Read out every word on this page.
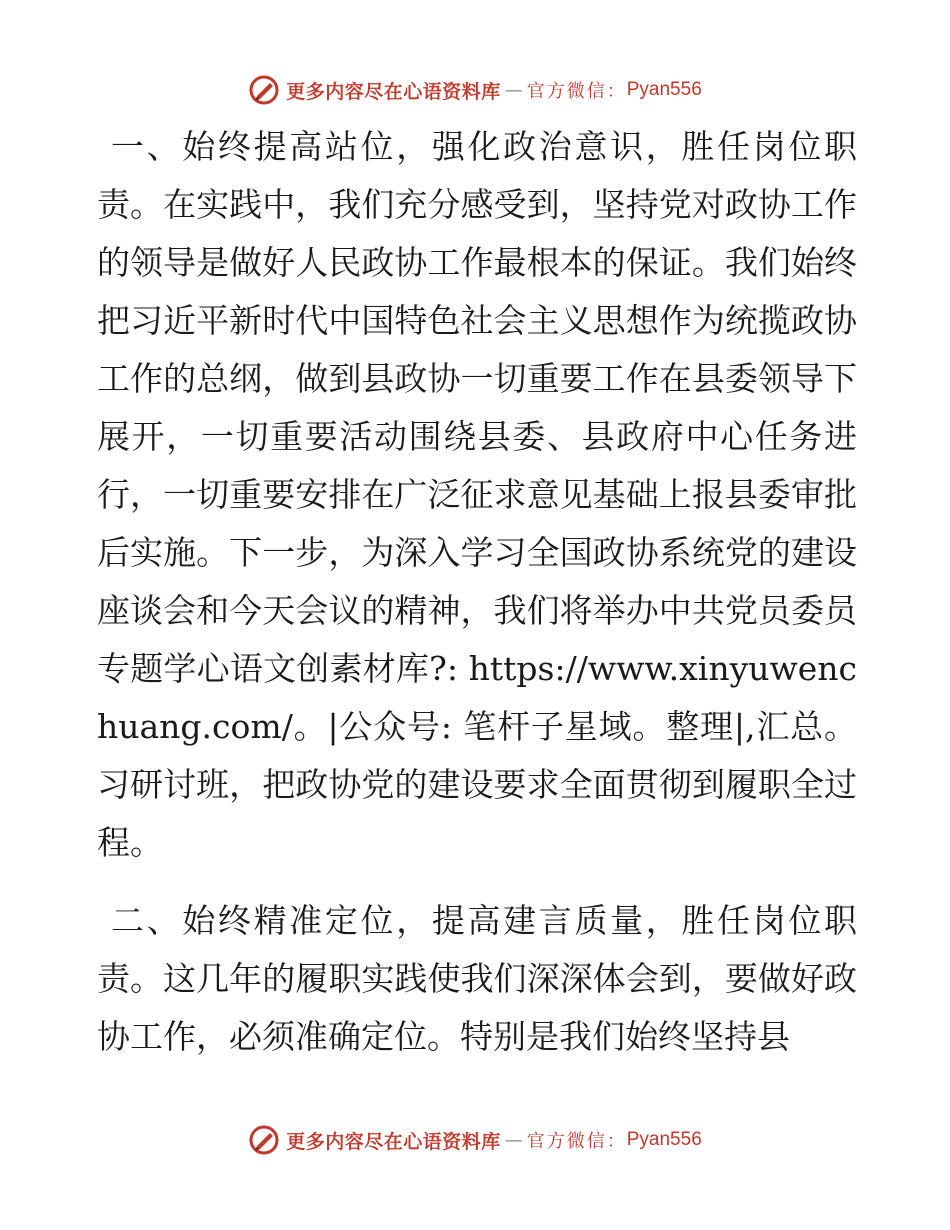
更多内容尽在心语资料库 — 官方微信： Pyan556

一、始终提高站位，强化政治意识，胜任岗位职责。在实践中，我们充分感受到，坚持党对政协工作的领导是做好人民政协工作最根本的保证。我们始终把习近平新时代中国特色社会主义思想作为统揽政协工作的总纲，做到县政协一切重要工作在县委领导下展开，一切重要活动围绕县委、县政府中心任务进行，一切重要安排在广泛征求意见基础上报县委审批后实施。下一步，为深入学习全国政协系统党的建设座谈会和今天会议的精神，我们将举办中共党员委员专题学心语文创素材库?: https://www.xinyuwenchuang.com/。|公众号: 笔杆子星域。整理|,汇总。习研讨班，把政协党的建设要求全面贯彻到履职全过程。

二、始终精准定位，提高建言质量，胜任岗位职责。这几年的履职实践使我们深深体会到，要做好政协工作，必须准确定位。特别是我们始终坚持县

更多内容尽在心语资料库 — 官方微信： Pyan556
